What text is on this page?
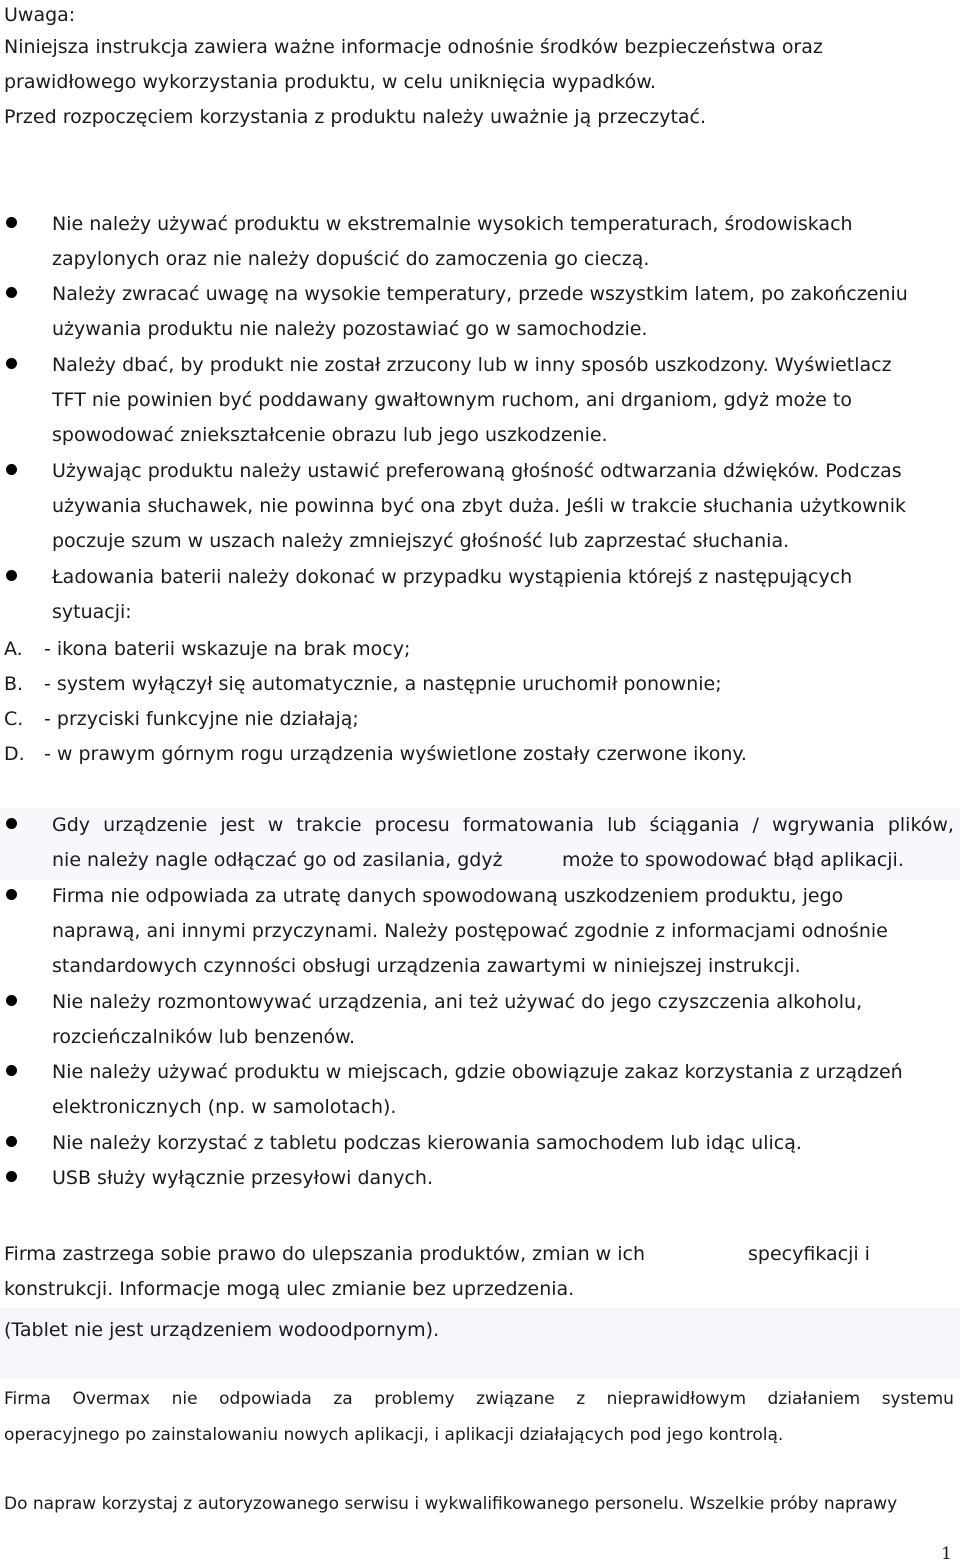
Uwaga:
Niniejsza instrukcja zawiera ważne informacje odnośnie środków bezpieczeństwa oraz
prawidłowego wykorzystania produktu, w celu uniknięcia wypadków.
Przed rozpoczęciem korzystania z produktu należy uważnie ją przeczytać.
Nie należy używać produktu w ekstremalnie wysokich temperaturach, środowiskach
zapylonych oraz nie należy dopuścić do zamoczenia go cieczą.
Należy zwracać uwagę na wysokie temperatury, przede wszystkim latem, po zakończeniu
używania produktu nie należy pozostawiać go w samochodzie.
Należy dbać, by produkt nie został zrzucony lub w inny sposób uszkodzony. Wyświetlacz
TFT nie powinien być poddawany gwałtownym ruchom, ani drganiom, gdyż może to
spowodować zniekształcenie obrazu lub jego uszkodzenie.
Używając produktu należy ustawić preferowaną głośność odtwarzania dźwięków. Podczas
używania słuchawek, nie powinna być ona zbyt duża. Jeśli w trakcie słuchania użytkownik
poczuje szum w uszach należy zmniejszyć głośność lub zaprzestać słuchania.
Ładowania baterii należy dokonać w przypadku wystąpienia którejś z następujących
sytuacji:
A. - ikona baterii wskazuje na brak mocy;
B. - system wyłączył się automatycznie, a następnie uruchomił ponownie;
C. - przyciski funkcyjne nie działają;
D. - w prawym górnym rogu urządzenia wyświetlone zostały czerwone ikony.
Gdy urządzenie jest w trakcie procesu formatowania lub ściągania / wgrywania plików,
nie należy nagle odłączać go od zasilania, gdyż	może to spowodować błąd aplikacji.
Firma nie odpowiada za utratę danych spowodowaną uszkodzeniem produktu, jego
naprawą, ani innymi przyczynami. Należy postępować zgodnie z informacjami odnośnie
standardowych czynności obsługi urządzenia zawartymi w niniejszej instrukcji.
Nie należy rozmontowywać urządzenia, ani też używać do jego czyszczenia alkoholu,
rozcieńczalników lub benzenów.
Nie należy używać produktu w miejscach, gdzie obowiązuje zakaz korzystania z urządzeń
elektronicznych (np. w samolotach).
Nie należy korzystać z tabletu podczas kierowania samochodem lub idąc ulicą.
USB służy wyłącznie przesyłowi danych.
Firma zastrzega sobie prawo do ulepszania produktów, zmian w ich	specyfikacji i
konstrukcji. Informacje mogą ulec zmianie bez uprzedzenia.
(Tablet nie jest urządzeniem wodoodpornym).
Firma Overmax nie odpowiada za problemy związane z nieprawidłowym działaniem systemu
operacyjnego po zainstalowaniu nowych aplikacji, i aplikacji działających pod jego kontrolą.
Do napraw korzystaj z autoryzowanego serwisu i wykwalifikowanego personelu. Wszelkie próby naprawy
1
